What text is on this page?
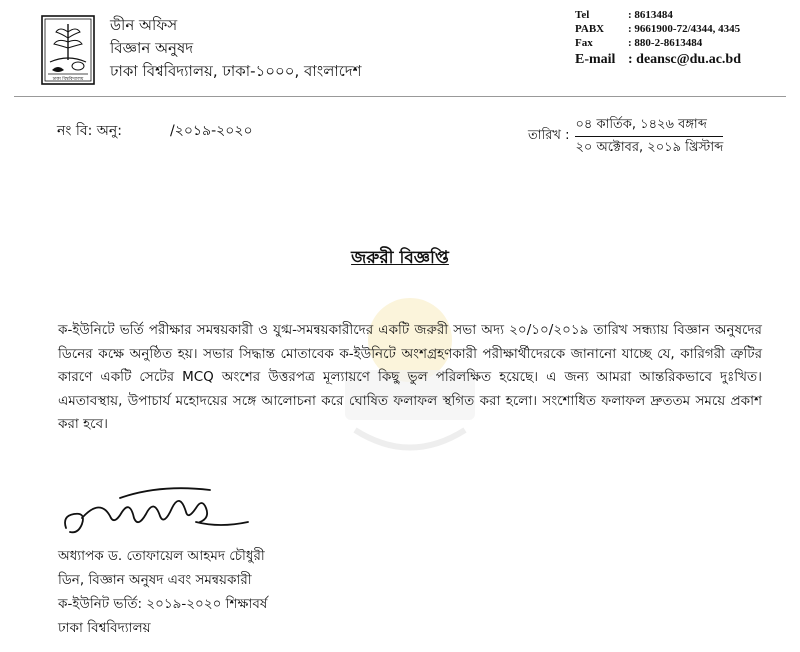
ঢাকা বিশ্ববিদ্যালয়
ডীন অফিস
বিজ্ঞান অনুষদ
ঢাকা বিশ্ববিদ্যালয়, ঢাকা-১০০০, বাংলাদেশ
Tel	: 8613484
PABX	: 9661900-72/4344, 4345
Fax	: 880-2-8613484
E-mail : deansc@du.ac.bd
নং বি: অনু:	/২০১৯-২০২০	তারিখ :
০৪ কার্তিক, ১৪২৬ বঙ্গাব্দ
২০ অক্টোবর, ২০১৯ খ্রিস্টাব্দ
জরুরী বিজ্ঞপ্তি
ক-ইউনিটে ভর্তি পরীক্ষার সমন্বয়কারী ও যুগ্ম-সমন্বয়কারীদের একটি জরুরী সভা অদ্য ২০/১০/২০১৯ তারিখ সন্ধ্যায় বিজ্ঞান অনুষদের ডিনের কক্ষে অনুষ্ঠিত হয়। সভার সিদ্ধান্ত মোতাবেক ক-ইউনিটে অংশগ্রহণকারী পরীক্ষার্থীদেরকে জানানো যাচ্ছে যে, কারিগরী ত্রুটির কারণে একটি সেটের MCQ অংশের উত্তরপত্র মূল্যায়ণে কিছু ভুল পরিলক্ষিত হয়েছে। এ জন্য আমরা আন্তরিকভাবে দুঃখিত। এমতাবস্থায়, উপাচার্য মহোদয়ের সঙ্গে আলোচনা করে ঘোষিত ফলাফল স্থগিত করা হলো। সংশোধিত ফলাফল দ্রুততম সময়ে প্রকাশ করা হবে।
অধ্যাপক ড. তোফায়েল আহমদ চৌধুরী
ডিন, বিজ্ঞান অনুষদ এবং সমন্বয়কারী
ক-ইউনিট ভর্তি: ২০১৯-২০২০ শিক্ষাবর্ষ
ঢাকা বিশ্ববিদ্যালয়
